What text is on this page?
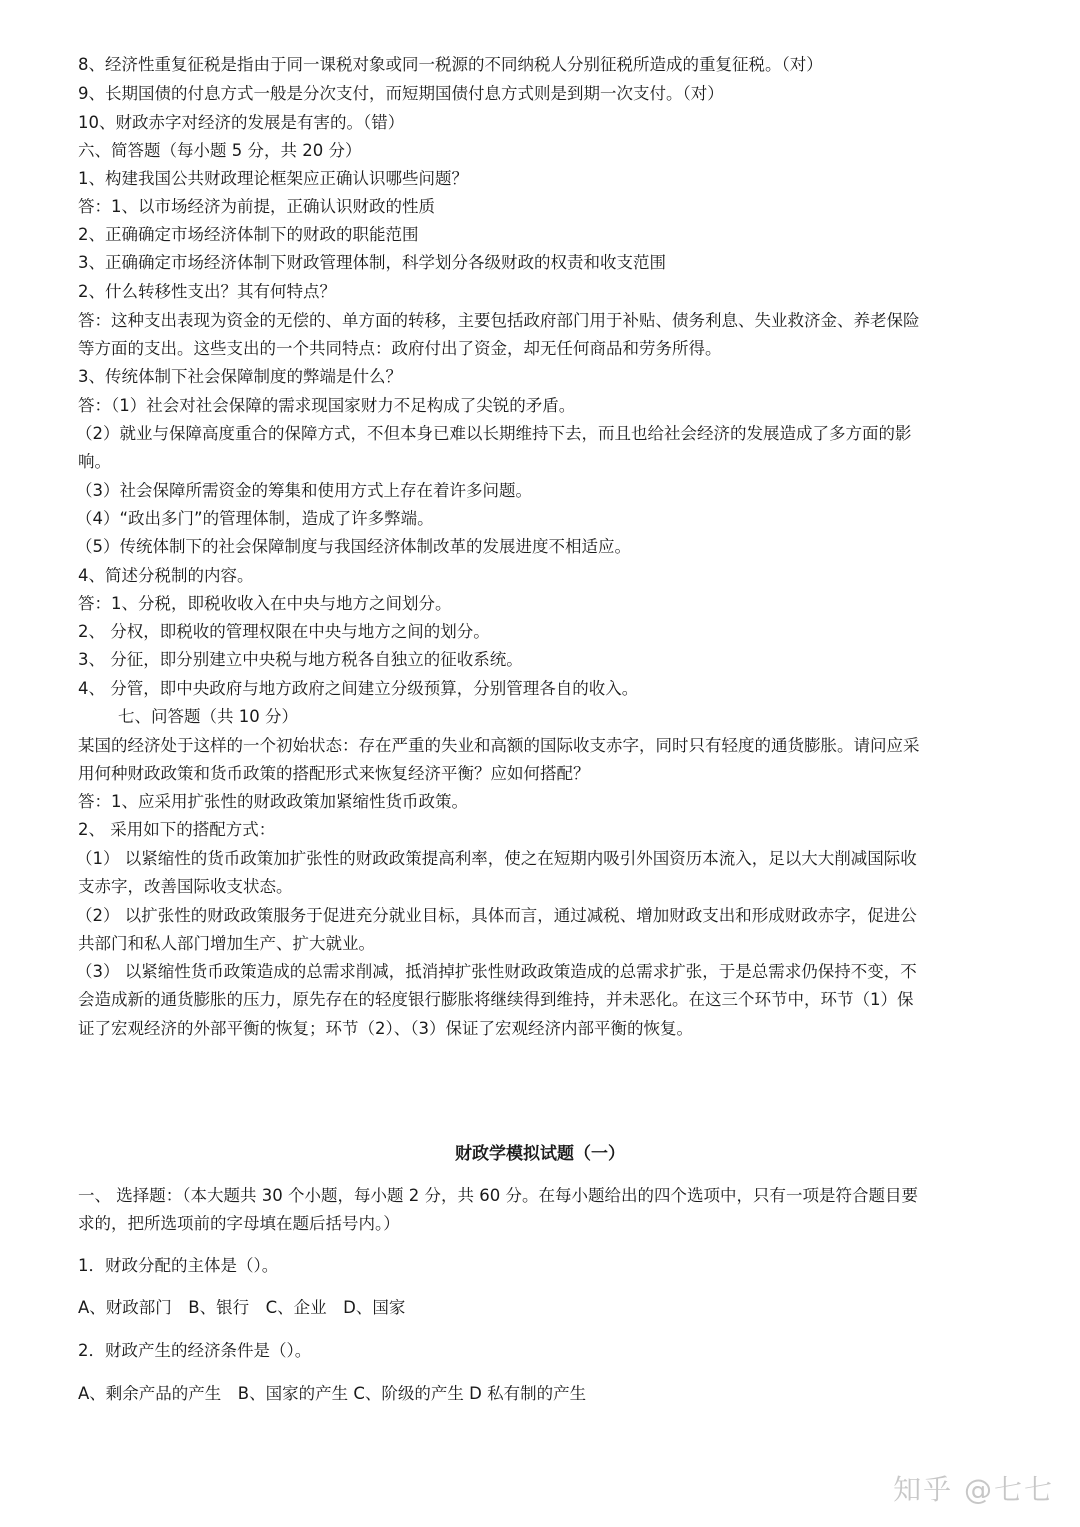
8、经济性重复征税是指由于同一课税对象或同一税源的不同纳税人分别征税所造成的重复征税。（对）
9、长期国债的付息方式一般是分次支付，而短期国债付息方式则是到期一次支付。（对）
10、财政赤字对经济的发展是有害的。（错）
六、简答题（每小题 5 分，共 20 分）
1、构建我国公共财政理论框架应正确认识哪些问题？
答：1、以市场经济为前提，正确认识财政的性质
2、正确确定市场经济体制下的财政的职能范围
3、正确确定市场经济体制下财政管理体制，科学划分各级财政的权责和收支范围
2、什么转移性支出？其有何特点？
答：这种支出表现为资金的无偿的、单方面的转移，主要包括政府部门用于补贴、债务利息、失业救济金、养老保险
等方面的支出。这些支出的一个共同特点：政府付出了资金，却无任何商品和劳务所得。
3、传统体制下社会保障制度的弊端是什么？
答：（1）社会对社会保障的需求现国家财力不足构成了尖锐的矛盾。
（2）就业与保障高度重合的保障方式，不但本身已难以长期维持下去，而且也给社会经济的发展造成了多方面的影
响。
（3）社会保障所需资金的筹集和使用方式上存在着许多问题。
（4）“政出多门”的管理体制，造成了许多弊端。
（5）传统体制下的社会保障制度与我国经济体制改革的发展进度不相适应。
4、简述分税制的内容。
答：1、分税，即税收收入在中央与地方之间划分。
2、 分权，即税收的管理权限在中央与地方之间的划分。
3、 分征，即分别建立中央税与地方税各自独立的征收系统。
4、 分管，即中央政府与地方政府之间建立分级预算，分别管理各自的收入。
七、问答题（共 10 分）
某国的经济处于这样的一个初始状态：存在严重的失业和高额的国际收支赤字，同时只有轻度的通货膨胀。请问应采
用何种财政政策和货币政策的搭配形式来恢复经济平衡？应如何搭配？
答：1、应采用扩张性的财政政策加紧缩性货币政策。
2、 采用如下的搭配方式：
（1） 以紧缩性的货币政策加扩张性的财政政策提高利率，使之在短期内吸引外国资历本流入，足以大大削减国际收
支赤字，改善国际收支状态。
（2） 以扩张性的财政政策服务于促进充分就业目标，具体而言，通过减税、增加财政支出和形成财政赤字，促进公
共部门和私人部门增加生产、扩大就业。
（3） 以紧缩性货币政策造成的总需求削减，抵消掉扩张性财政政策造成的总需求扩张，于是总需求仍保持不变，不
会造成新的通货膨胀的压力，原先存在的轻度银行膨胀将继续得到维持，并未恶化。在这三个环节中，环节（1）保
证了宏观经济的外部平衡的恢复；环节（2）、（3）保证了宏观经济内部平衡的恢复。
财政学模拟试题（一）
一、 选择题：（本大题共 30 个小题，每小题 2 分，共 60 分。在每小题给出的四个选项中，只有一项是符合题目要
求的，把所选项前的字母填在题后括号内。）
1．财政分配的主体是（）。
A、财政部门　B、银行　C、企业　D、国家
2．财政产生的经济条件是（）。
A、剩余产品的产生　B、国家的产生 C、阶级的产生 D 私有制的产生
知乎 @七七
